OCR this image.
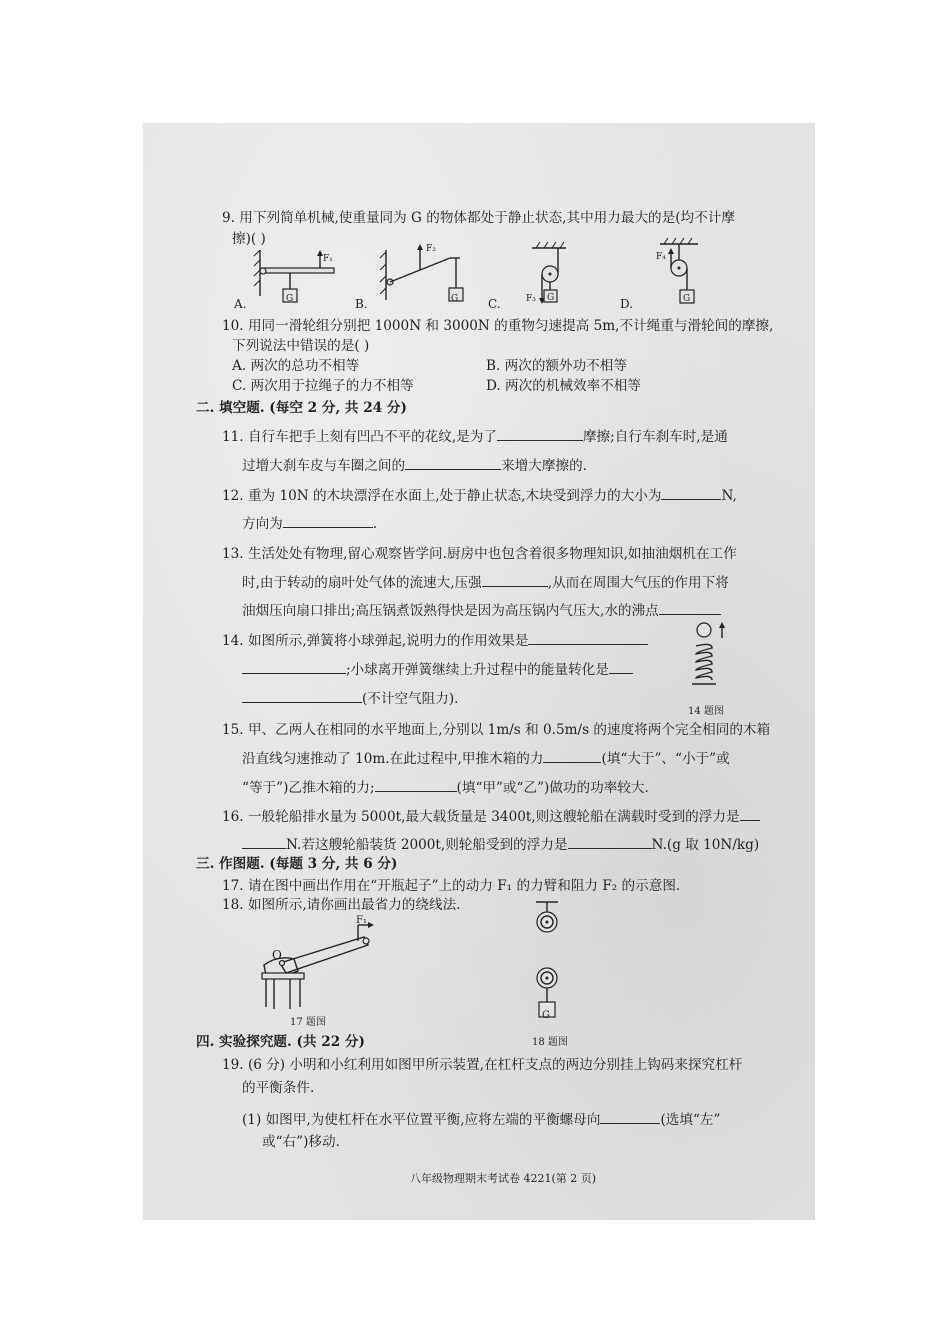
9. 用下列简单机械,使重量同为 G 的物体都处于静止状态,其中用力最大的是(均不计摩
擦)( )
F₁
G
A.
F₂
G
B.	F₃ G
C.
F₄
G
D.
10. 用同一滑轮组分别把 1000N 和 3000N 的重物匀速提高 5m,不计绳重与滑轮间的摩擦,
下列说法中错误的是( )
A. 两次的总功不相等	B. 两次的额外功不相等
C. 两次用于拉绳子的力不相等	D. 两次的机械效率不相等
二. 填空题. (每空 2 分, 共 24 分)
11. 自行车把手上刻有凹凸不平的花纹,是为了	摩擦;自行车刹车时,是通
过增大刹车皮与车圈之间的	来增大摩擦的.
12. 重为 10N 的木块漂浮在水面上,处于静止状态,木块受到浮力的大小为	N,
方向为	.
13. 生活处处有物理,留心观察皆学问.厨房中也包含着很多物理知识,如抽油烟机在工作
时,由于转动的扇叶处气体的流速大,压强	,从而在周围大气压的作用下将
油烟压向扇口排出;高压锅煮饭熟得快是因为高压锅内气压大,水的沸点
14. 如图所示,弹簧将小球弹起,说明力的作用效果是
;小球离开弹簧继续上升过程中的能量转化是
(不计空气阻力).
14 题图
15. 甲、乙两人在相同的水平地面上,分别以 1m/s 和 0.5m/s 的速度将两个完全相同的木箱
沿直线匀速推动了 10m.在此过程中,甲推木箱的力	(填“大于”、“小于”或
“等于”)乙推木箱的力;	(填“甲”或“乙”)做功的功率较大.
16. 一般轮船排水量为 5000t,最大载货量是 3400t,则这艘轮船在满载时受到的浮力是
N.若这艘轮船装货 2000t,则轮船受到的浮力是	N.(g 取 10N/kg)
三. 作图题. (每题 3 分, 共 6 分)
17. 请在图中画出作用在“开瓶起子”上的动力 F₁ 的力臂和阻力 F₂ 的示意图.
18. 如图所示,请你画出最省力的绕线法.
O
F₁
17 题图
G
18 题图
四. 实验探究题. (共 22 分)
19. (6 分) 小明和小红利用如图甲所示装置,在杠杆支点的两边分别挂上钩码来探究杠杆
的平衡条件.
(1) 如图甲,为使杠杆在水平位置平衡,应将左端的平衡螺母向	(选填“左”
或“右”)移动.
八年级物理期末考试卷 4221(第 2 页)
